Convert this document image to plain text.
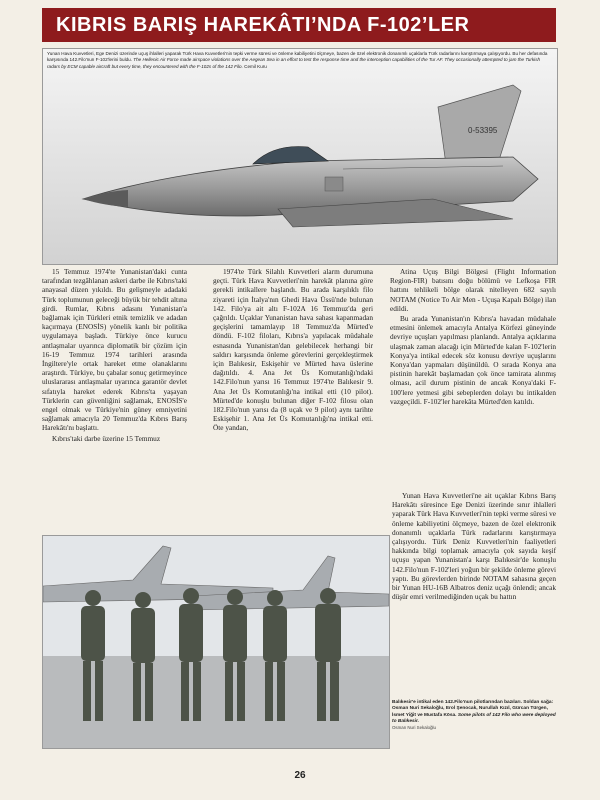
KIBRIS BARIŞ HAREKÂTI’NDA F-102’LER
0-53395
Yunan Hava Kuvvetleri, Ege Denizi üzerinde uçuş ihlalleri yaparak Türk Hava Kuvvetleri'nin tepki verme süresi ve önleme kabiliyetini ölçmeye, bazen de özel elektronik donanımlı uçaklarla Türk radarlarını karıştırmaya çalışıyordu. Bu her defasında karşısında 142.Filo'nun F-102'lerini buldu. The Hellenic Air Force made airspace violations over the Aegean Sea in an effort to test the response time and the interception capabilities of the Tur AF. They occasionally attempted to jam the Turkish radars by ECM capable aircraft but every time, they encountered with the F-102s of the 142 Filo. Cemil Kuru

15 Temmuz 1974'te Yunanistan'daki cunta tarafından tezgâhlanan askeri darbe ile Kıbrıs'taki anayasal düzen yıkıldı. Bu gelişmeyle adadaki Türk toplumunun geleceği büyük bir tehdit altına girdi. Rumlar, Kıbrıs adasını Yunanistan'a bağlamak için Türkleri etnik temizlik ve adadan kaçırmaya (ENOSİS) yönelik kanlı bir politika uygulamaya başladı. Türkiye önce kurucu antlaşmalar uyarınca diplomatik bir çözüm için 16-19 Temmuz 1974 tarihleri arasında İngiltere'yle ortak hareket etme olanaklarını araştırdı. Türkiye, bu çabalar sonuç getirmeyince uluslararası antlaşmalar uyarınca garantör devlet sıfatıyla hareket ederek Kıbrıs'ta yaşayan Türklerin can güvenliğini sağlamak, ENOSİS'e engel olmak ve Türkiye'nin güney emniyetini sağlamak amacıyla 20 Temmuz'da Kıbrıs Barış Harekâtı'nı başlattı.

Kıbrıs'taki darbe üzerine 15 Temmuz

1974'te Türk Silahlı Kuvvetleri alarm durumuna geçti. Türk Hava Kuvvetleri'nin harekât planına göre gerekli intikallere başlandı. Bu arada karşılıklı filo ziyareti için İtalya'nın Ghedi Hava Üssü'nde bulunan 142. Filo'ya ait altı F-102A 16 Temmuz'da geri çağrıldı. Uçaklar Yunanistan hava sahası kapanmadan geçişlerini tamamlayıp 18 Temmuz'da Mürted'e döndü. F-102 filoları, Kıbrıs'a yapılacak müdahale esnasında Yunanistan'dan gelebilecek herhangi bir saldırı karşısında önleme görevlerini gerçekleştirmek için Balıkesir, Eskişehir ve Mürted hava üslerine dağıtıldı. 4. Ana Jet Üs Komutanlığı'ndaki 142.Filo'nun yarısı 16 Temmuz 1974'te Balıkesir 9. Ana Jet Üs Komutanlığı'na intikal etti (10 pilot). Mürted'de konuşlu bulunan diğer F-102 filosu olan 182.Filo'nun yarısı da (8 uçak ve 9 pilot) aynı tarihte Eskişehir 1. Ana Jet Üs Komutanlığı'na intikal etti. Öte yandan,

Atina Uçuş Bilgi Bölgesi (Flight Information Region-FIR) batısını doğu bölümü ve Lefkoşa FIR hattını tehlikeli bölge olarak nitelleyen 682 sayılı NOTAM (Notice To Air Men - Uçuşa Kapalı Bölge) ilan edildi.

Bu arada Yunanistan'ın Kıbrıs'a havadan müdahale etmesini önlemek amacıyla Antalya Körfezi güneyinde devriye uçuşları yapılması planlandı. Antalya açıklarına ulaşmak zaman alacağı için Mürted'de kalan F-102'lerin Konya'ya intikal edecek söz konusu devriye uçuşlarını Konya'dan yapmaları düşünüldü. O sırada Konya ana pistinin harekât başlamadan çok önce tamirata alınmış olması, acil durum pistinin de ancak Konya'daki F-100'lere yetmesi gibi sebeplerden dolayı bu intikalden vazgeçildi. F-102'ler harekâta Mürted'den katıldı.

Yunan Hava Kuvvetleri'ne ait uçaklar Kıbrıs Barış Harekâtı süresince Ege Denizi üzerinde sınır ihlalleri yaparak Türk Hava Kuvvetleri'nin tepki verme süresi ve önleme kabiliyetini ölçmeye, bazen de özel elektronik donanımlı uçaklarla Türk radarlarını karıştırmaya çalışıyordu. Türk Deniz Kuvvetleri'nin faaliyetleri hakkında bilgi toplamak amacıyla çok sayıda keşif uçuşu yapan Yunanistan'a karşı Balıkesir'de konuşlu 142.Filo'nun F-102'leri yoğun bir şekilde önleme görevi yaptı. Bu görevlerden birinde NOTAM sahasına geçen bir Yunan HU-16B Albatros deniz uçağı önlendi; ancak düşür emri verilmediğinden uçak bu hattın

Balıkesir'e intikal eden 142.Filo'nun pilotlarından bazıları. Soldan sağa: Osman Nuri Sekaloğlu, Erol Şenocak, Nurullah Kızıl, Gürcan Türgen, İsmet Yiğit ve Mustafa Kösa. Some pilots of 142 Filo who were deployed to Balıkesir.
Osman Nuri Sekaloğlu
26
